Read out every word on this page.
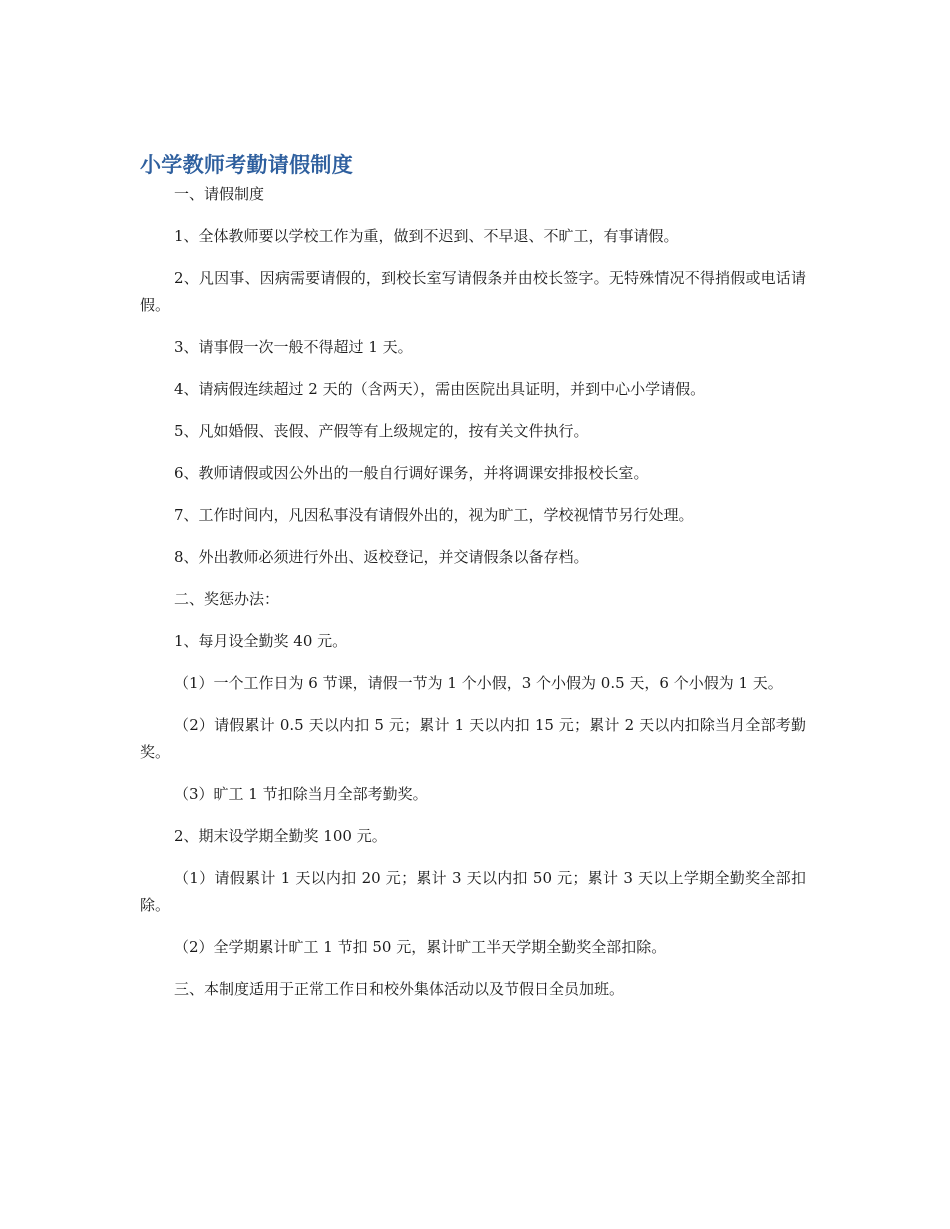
小学教师考勤请假制度

一、请假制度

1、全体教师要以学校工作为重，做到不迟到、不早退、不旷工，有事请假。

2、凡因事、因病需要请假的，到校长室写请假条并由校长签字。无特殊情况不得捎假或电话请假。

3、请事假一次一般不得超过 1 天。

4、请病假连续超过 2 天的（含两天），需由医院出具证明，并到中心小学请假。

5、凡如婚假、丧假、产假等有上级规定的，按有关文件执行。

6、教师请假或因公外出的一般自行调好课务，并将调课安排报校长室。

7、工作时间内，凡因私事没有请假外出的，视为旷工，学校视情节另行处理。

8、外出教师必须进行外出、返校登记，并交请假条以备存档。

二、奖惩办法：

1、每月设全勤奖 40 元。

（1）一个工作日为 6 节课，请假一节为 1 个小假，3 个小假为 0.5 天，6 个小假为 1 天。

（2）请假累计 0.5 天以内扣 5 元；累计 1 天以内扣 15 元；累计 2 天以内扣除当月全部考勤奖。

（3）旷工 1 节扣除当月全部考勤奖。

2、期末设学期全勤奖 100 元。

（1）请假累计 1 天以内扣 20 元；累计 3 天以内扣 50 元；累计 3 天以上学期全勤奖全部扣除。

（2）全学期累计旷工 1 节扣 50 元，累计旷工半天学期全勤奖全部扣除。

三、本制度适用于正常工作日和校外集体活动以及节假日全员加班。
